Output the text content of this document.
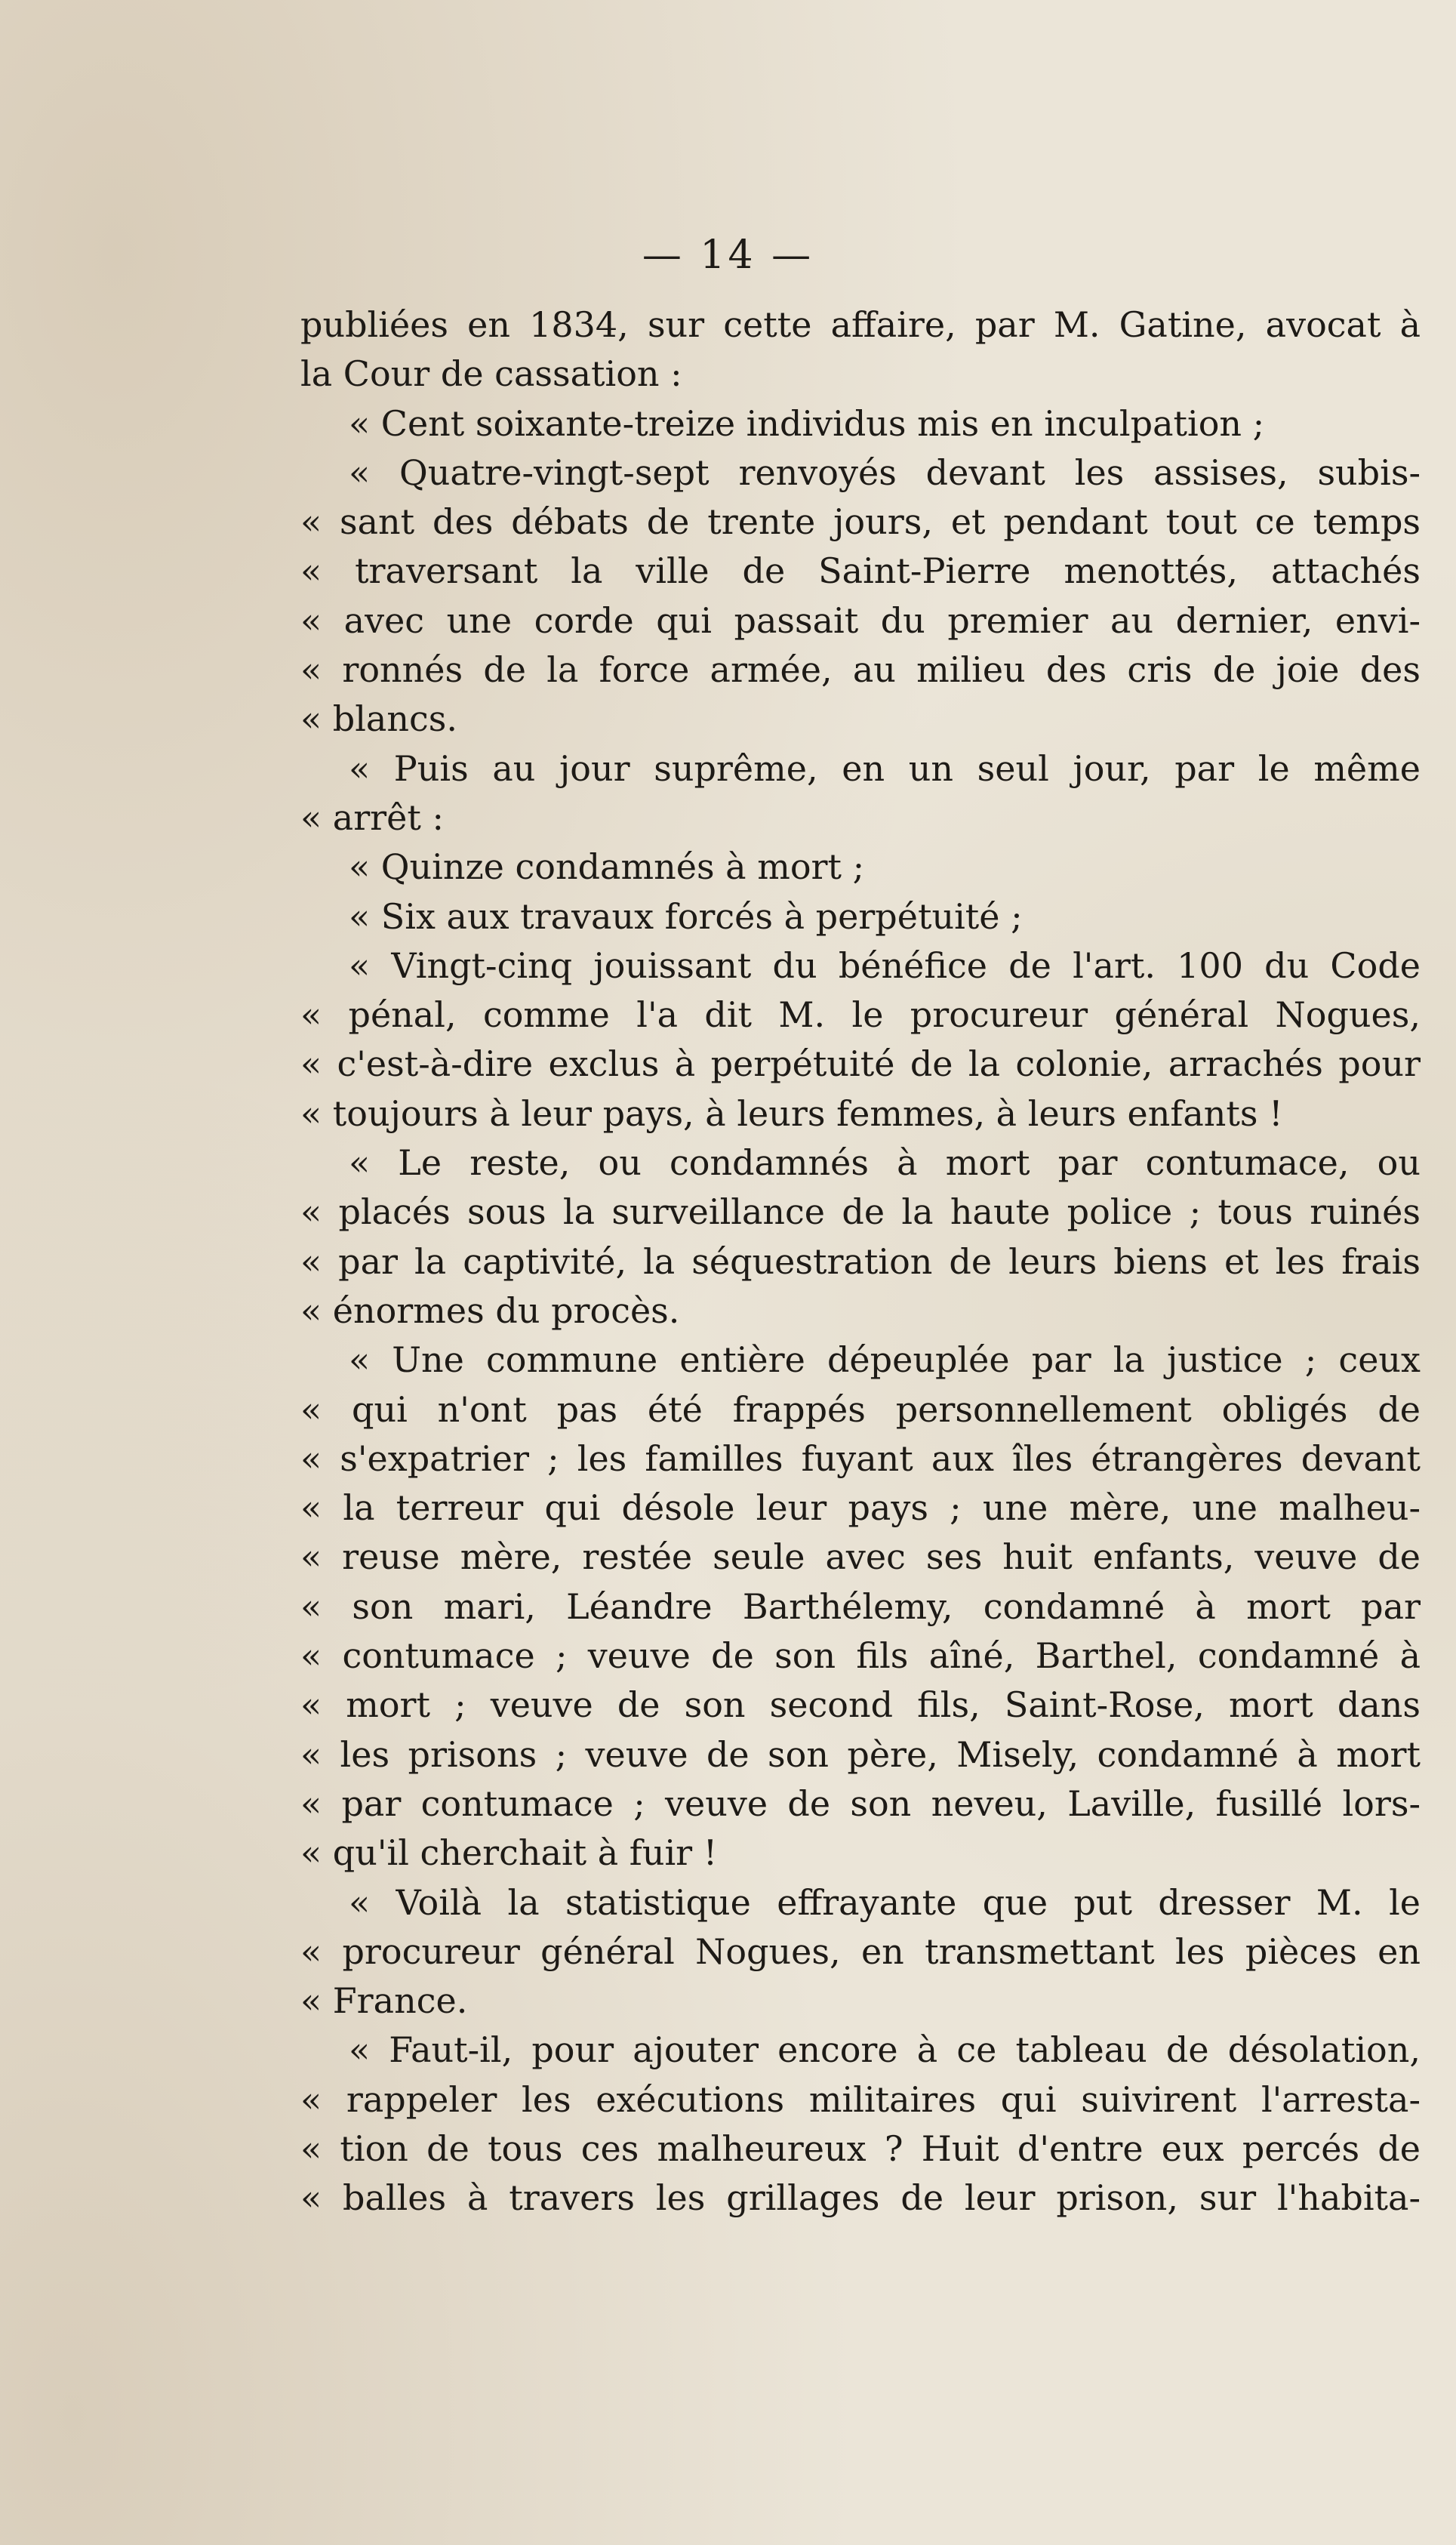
— 14 —
publiées en 1834, sur cette affaire, par M. Gatine, avocat à
la Cour de cassation :
« Cent soixante-treize individus mis en inculpation ;
« Quatre-vingt-sept renvoyés devant les assises, subis-
« sant des débats de trente jours, et pendant tout ce temps
« traversant la ville de Saint-Pierre menottés, attachés
« avec une corde qui passait du premier au dernier, envi-
« ronnés de la force armée, au milieu des cris de joie des
« blancs.
« Puis au jour suprême, en un seul jour, par le même
« arrêt :
« Quinze condamnés à mort ;
« Six aux travaux forcés à perpétuité ;
« Vingt-cinq jouissant du bénéfice de l'art. 100 du Code
« pénal, comme l'a dit M. le procureur général Nogues,
« c'est-à-dire exclus à perpétuité de la colonie, arrachés pour
« toujours à leur pays, à leurs femmes, à leurs enfants !
« Le reste, ou condamnés à mort par contumace, ou
« placés sous la surveillance de la haute police ; tous ruinés
« par la captivité, la séquestration de leurs biens et les frais
« énormes du procès.
« Une commune entière dépeuplée par la justice ; ceux
« qui n'ont pas été frappés personnellement obligés de
« s'expatrier ; les familles fuyant aux îles étrangères devant
« la terreur qui désole leur pays ; une mère, une malheu-
« reuse mère, restée seule avec ses huit enfants, veuve de
« son mari, Léandre Barthélemy, condamné à mort par
« contumace ; veuve de son fils aîné, Barthel, condamné à
« mort ; veuve de son second fils, Saint-Rose, mort dans
« les prisons ; veuve de son père, Misely, condamné à mort
« par contumace ; veuve de son neveu, Laville, fusillé lors-
« qu'il cherchait à fuir !
« Voilà la statistique effrayante que put dresser M. le
« procureur général Nogues, en transmettant les pièces en
« France.
« Faut-il, pour ajouter encore à ce tableau de désolation,
« rappeler les exécutions militaires qui suivirent l'arresta-
« tion de tous ces malheureux ? Huit d'entre eux percés de
« balles à travers les grillages de leur prison, sur l'habita-
